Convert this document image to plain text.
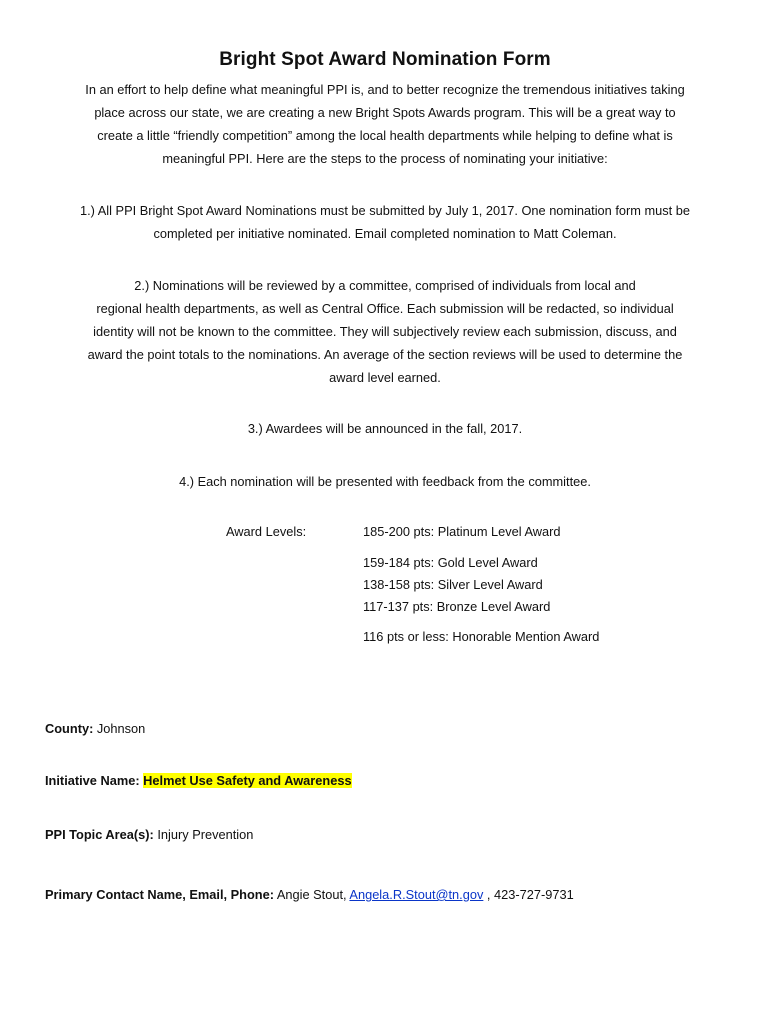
Bright Spot Award Nomination Form
In an effort to help define what meaningful PPI is, and to better recognize the tremendous initiatives taking
place across our state, we are creating a new Bright Spots Awards program. This will be a great way to
create a little “friendly competition” among the local health departments while helping to define what is
meaningful PPI. Here are the steps to the process of nominating your initiative:
1.) All PPI Bright Spot Award Nominations must be submitted by July 1, 2017. One nomination form must be
completed per initiative nominated. Email completed nomination to Matt Coleman.
2.) Nominations will be reviewed by a committee, comprised of individuals from local and
regional health departments, as well as Central Office. Each submission will be redacted, so individual
identity will not be known to the committee. They will subjectively review each submission, discuss, and
award the point totals to the nominations. An average of the section reviews will be used to determine the
award level earned.
3.) Awardees will be announced in the fall, 2017.
4.) Each nomination will be presented with feedback from the committee.
Award Levels:	185-200 pts: Platinum Level Award
159-184 pts: Gold Level Award
138-158 pts: Silver Level Award
117-137 pts: Bronze Level Award
116 pts or less: Honorable Mention Award
County: Johnson
Initiative Name: Helmet Use Safety and Awareness
PPI Topic Area(s): Injury Prevention
Primary Contact Name, Email, Phone: Angie Stout, Angela.R.Stout@tn.gov , 423-727-9731
